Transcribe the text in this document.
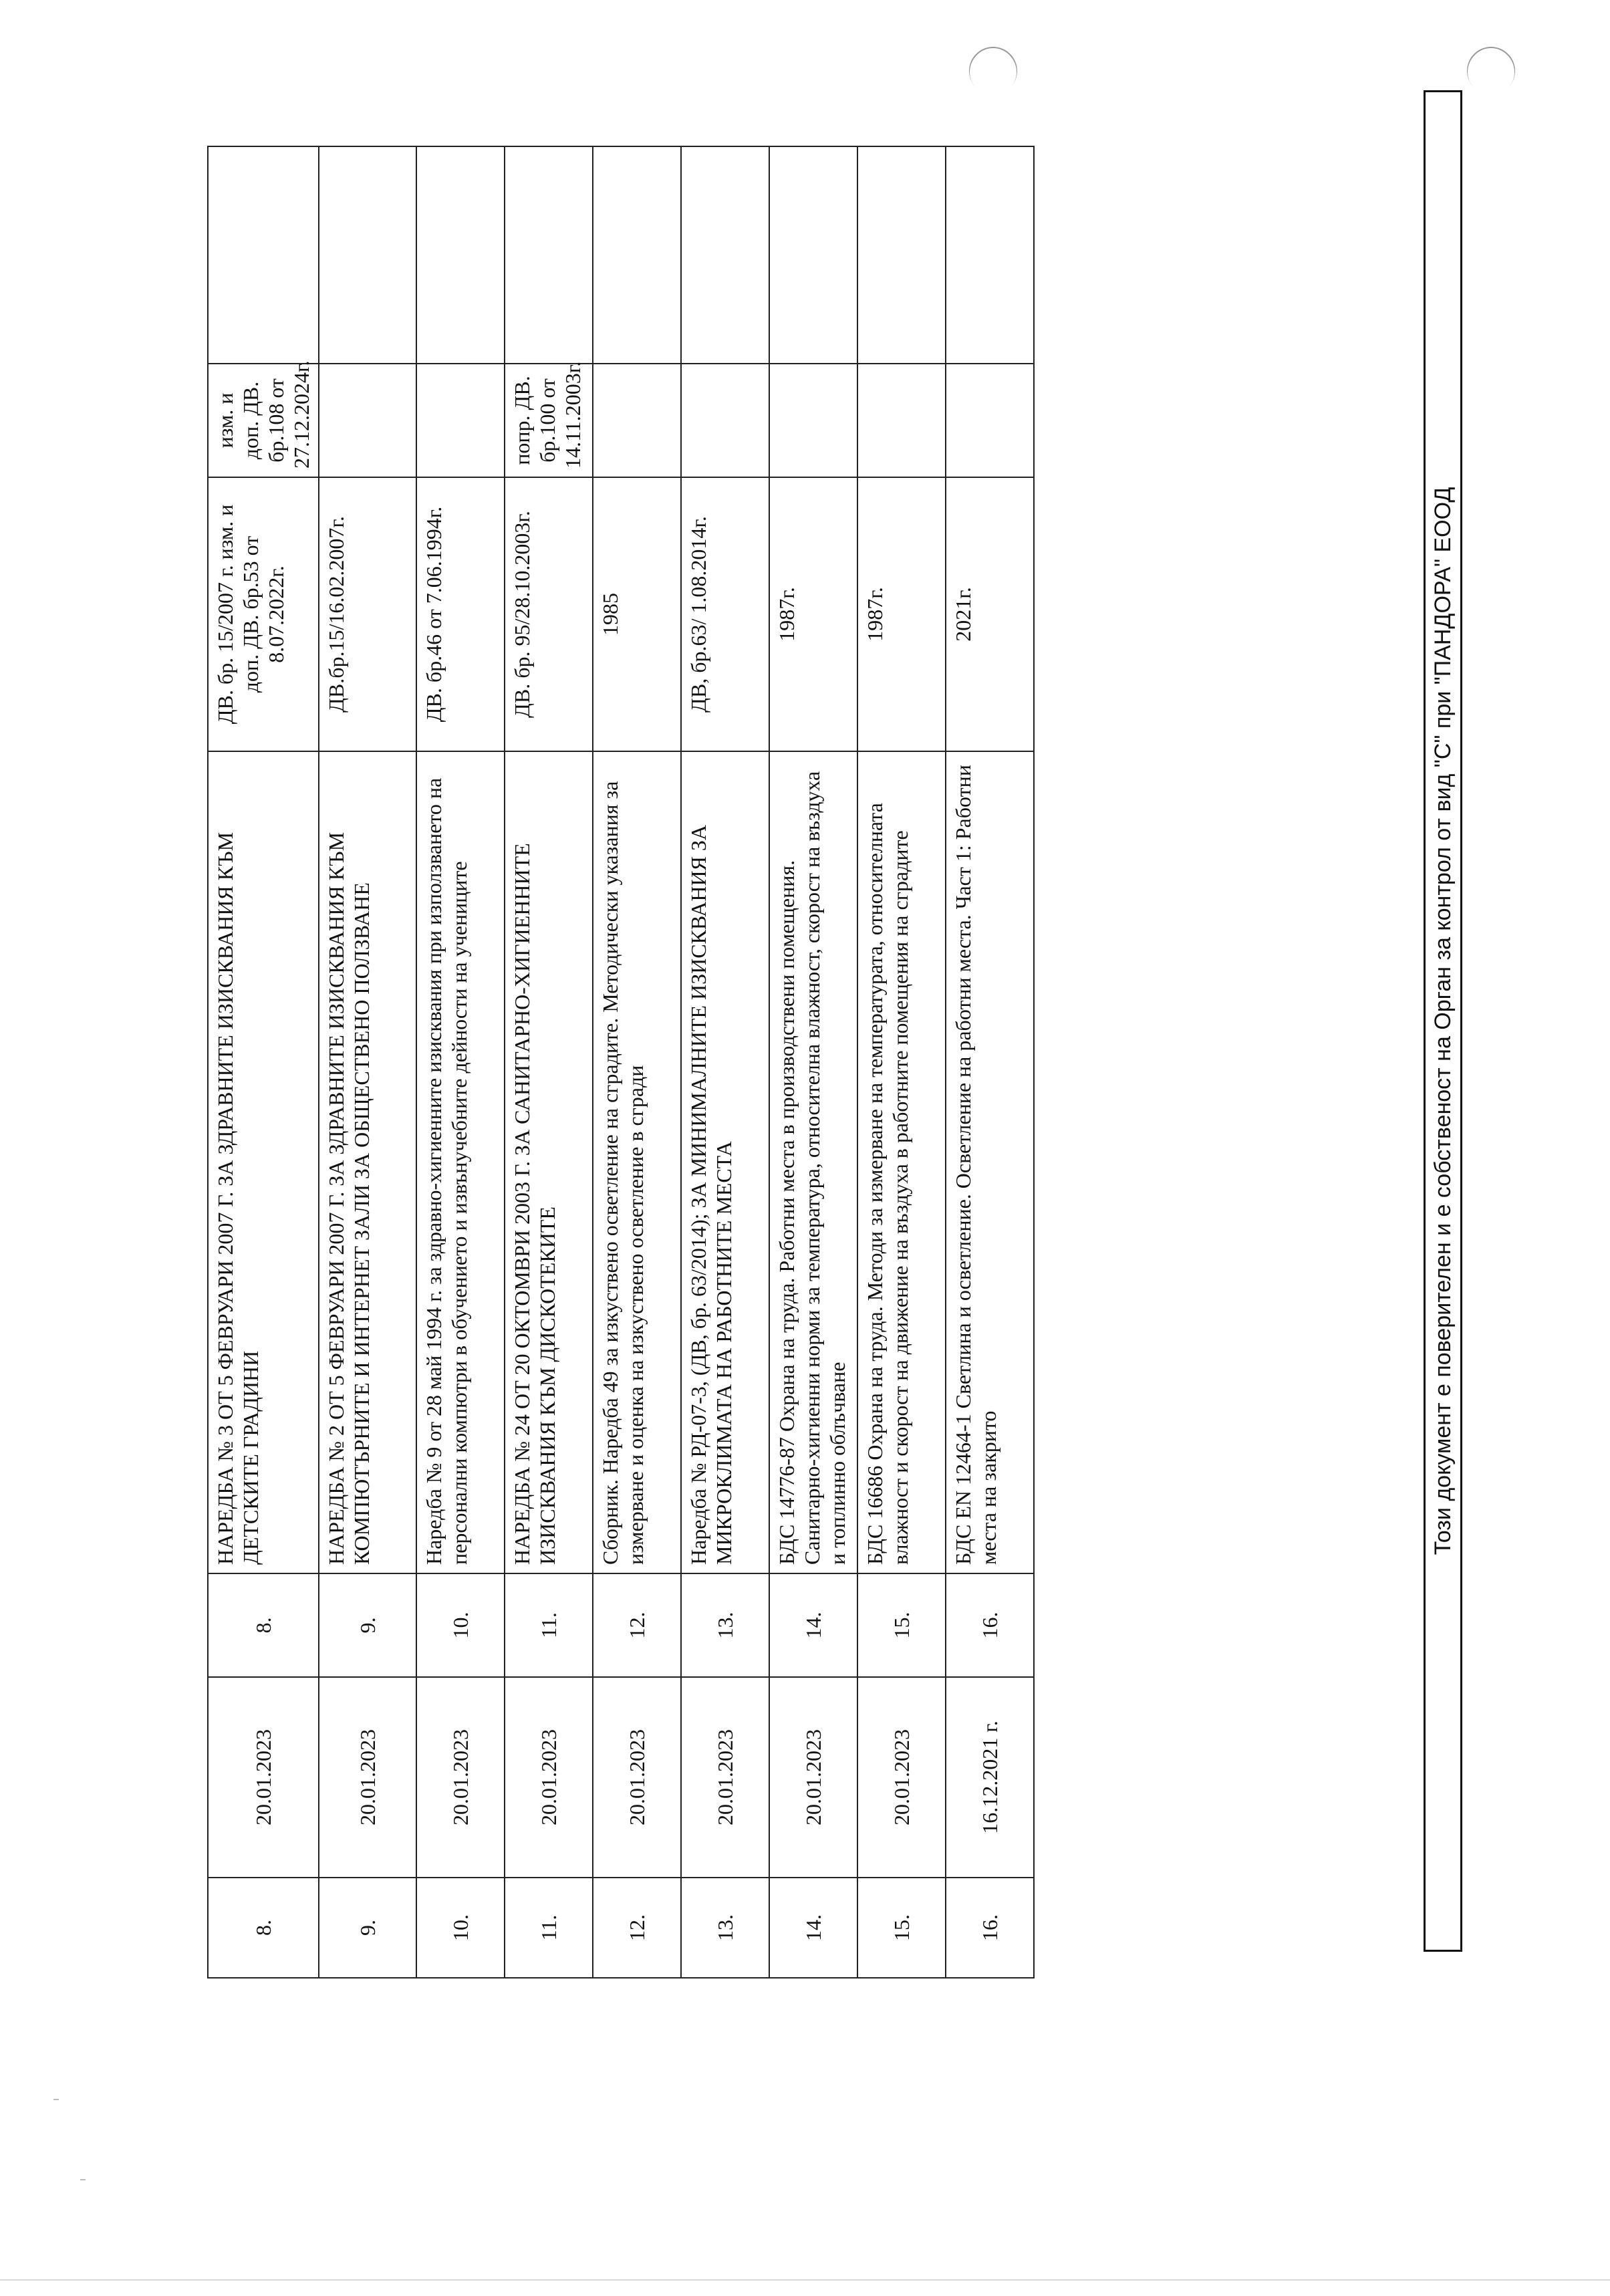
8.	20.01.2023	8.	НАРЕДБА № 3 ОТ 5 ФЕВРУАРИ 2007 Г. ЗА ЗДРАВНИТЕ ИЗИСКВАНИЯ КЪМ ДЕТСКИТЕ ГРАДИНИ	ДВ. бр. 15/2007 г. изм. и доп. ДВ. бр.53 от 8.07.2022г.	изм. и доп. ДВ. бр.108 от 27.12.2024г.	
9.	20.01.2023	9.	НАРЕДБА № 2 ОТ 5 ФЕВРУАРИ 2007 Г. ЗА ЗДРАВНИТЕ ИЗИСКВАНИЯ КЪМ КОМПЮТЪРНИТЕ И ИНТЕРНЕТ ЗАЛИ ЗА ОБЩЕСТВЕНО ПОЛЗВАНЕ	ДВ.бр.15/16.02.2007г.		
10.	20.01.2023	10.	Наредба № 9 от 28 май 1994 г. за здравно-хигиенните изисквания при използването на персонални компютри в обучението и извънучебните дейности на учениците	ДВ. бр.46 от 7.06.1994г.		
11.	20.01.2023	11.	НАРЕДБА № 24 ОТ 20 ОКТОМВРИ 2003 Г. ЗА САНИТАРНО-ХИГИЕННИТЕ ИЗИСКВАНИЯ КЪМ ДИСКОТЕКИТЕ	ДВ. бр. 95/28.10.2003г.	попр. ДВ. бр.100 от 14.11.2003г.	
12.	20.01.2023	12.	Сборник. Наредба 49 за изкуствено осветление на сградите. Методически указания за измерване и оценка на изкуствено осветление в сгради	1985		
13.	20.01.2023	13.	Наредба № РД-07-3, (ДВ, бр. 63/2014); ЗА МИНИМАЛНИТЕ ИЗИСКВАНИЯ ЗА МИКРОКЛИМАТА НА РАБОТНИТЕ МЕСТА	ДВ, бр.63/ 1.08.2014г.		
14.	20.01.2023	14.	БДС 14776-87 Охрана на труда. Работни места в производствени помещения. Санитарно-хигиенни норми за температура, относителна влажност, скорост на въздуха и топлинно облъчване	1987г.		
15.	20.01.2023	15.	БДС 16686 Охрана на труда. Методи за измерване на температурата, относителната влажност и скорост на движение на въздуха в работните помещения на сградите	1987г.		
16.	16.12.2021 г.	16.	БДС EN 12464-1 Светлина и осветление. Осветление на работни места. Част 1: Работни места на закрито	2021г.			Този документ е поверителен и е собственост на Орган за контрол от вид "С" при "ПАНДОРА" ЕООД
